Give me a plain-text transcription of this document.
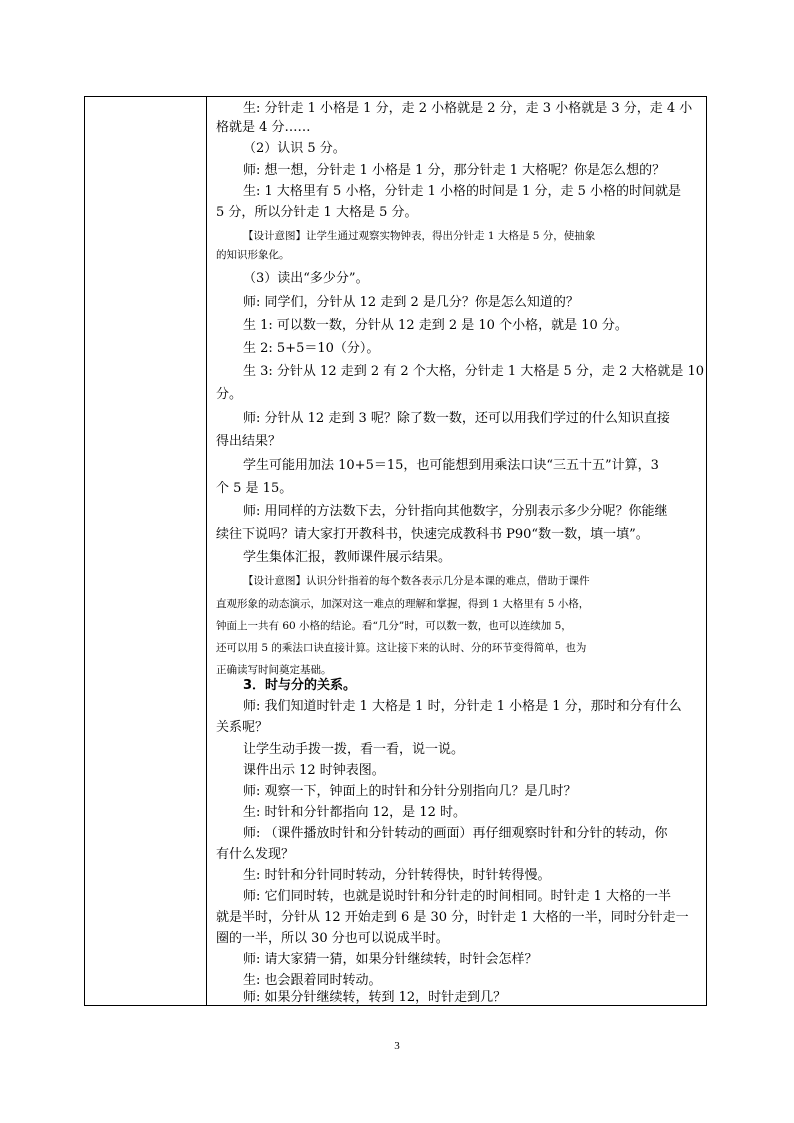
生: 分针走 1 小格是 1 分，走 2 小格就是 2 分，走 3 小格就是 3 分，走 4 小
格就是 4 分……
（2）认识 5 分。
师: 想一想，分针走 1 小格是 1 分，那分针走 1 大格呢？你是怎么想的？
生: 1 大格里有 5 小格，分针走 1 小格的时间是 1 分，走 5 小格的时间就是
5 分，所以分针走 1 大格是 5 分。
【设计意图】让学生通过观察实物钟表，得出分针走 1 大格是 5 分，使抽象
的知识形象化。
（3）读出“多少分”。
师: 同学们，分针从 12 走到 2 是几分？你是怎么知道的？
生 1: 可以数一数，分针从 12 走到 2 是 10 个小格，就是 10 分。
生 2: 5+5＝10（分）。
生 3: 分针从 12 走到 2 有 2 个大格，分针走 1 大格是 5 分，走 2 大格就是 10
分。
师: 分针从 12 走到 3 呢？除了数一数，还可以用我们学过的什么知识直接
得出结果？
学生可能用加法 10+5＝15，也可能想到用乘法口诀“三五十五”计算，3
个 5 是 15。
师: 用同样的方法数下去，分针指向其他数字，分别表示多少分呢？你能继
续往下说吗？请大家打开教科书，快速完成教科书 P90“数一数，填一填”。
学生集体汇报，教师课件展示结果。
【设计意图】认识分针指着的每个数各表示几分是本课的难点，借助于课件
直观形象的动态演示，加深对这一难点的理解和掌握，得到 1 大格里有 5 小格，
钟面上一共有 60 小格的结论。看“几分”时，可以数一数，也可以连续加 5，
还可以用 5 的乘法口诀直接计算。这让接下来的认时、分的环节变得简单，也为
正确读写时间奠定基础。
3．时与分的关系。
师: 我们知道时针走 1 大格是 1 时，分针走 1 小格是 1 分，那时和分有什么
关系呢？
让学生动手拨一拨，看一看，说一说。
课件出示 12 时钟表图。
师: 观察一下，钟面上的时针和分针分别指向几？是几时？
生: 时针和分针都指向 12，是 12 时。
师: （课件播放时针和分针转动的画面）再仔细观察时针和分针的转动，你
有什么发现？
生: 时针和分针同时转动，分针转得快，时针转得慢。
师: 它们同时转，也就是说时针和分针走的时间相同。时针走 1 大格的一半
就是半时，分针从 12 开始走到 6 是 30 分，时针走 1 大格的一半，同时分针走一
圈的一半，所以 30 分也可以说成半时。
师: 请大家猜一猜，如果分针继续转，时针会怎样？
生: 也会跟着同时转动。
师: 如果分针继续转，转到 12，时针走到几？
3
